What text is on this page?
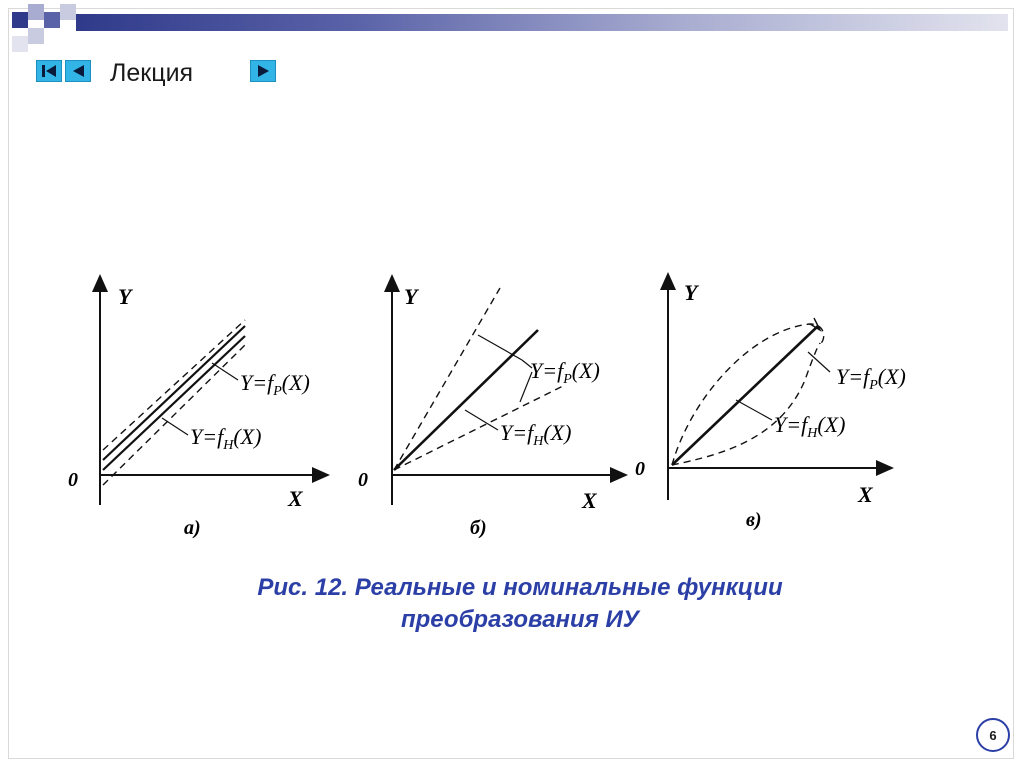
Лекция
Y
X
0
$Y=f_P(X)$
$Y=f_H(X)$
а)
Y
X
0
$Y=f_P(X)$
$Y=f_H(X)$
б)
Y
X
0
$Y=f_P(X)$
$Y=f_H(X)$
в)
Рис. 12. Реальные и номинальные функции
преобразования ИУ
6
